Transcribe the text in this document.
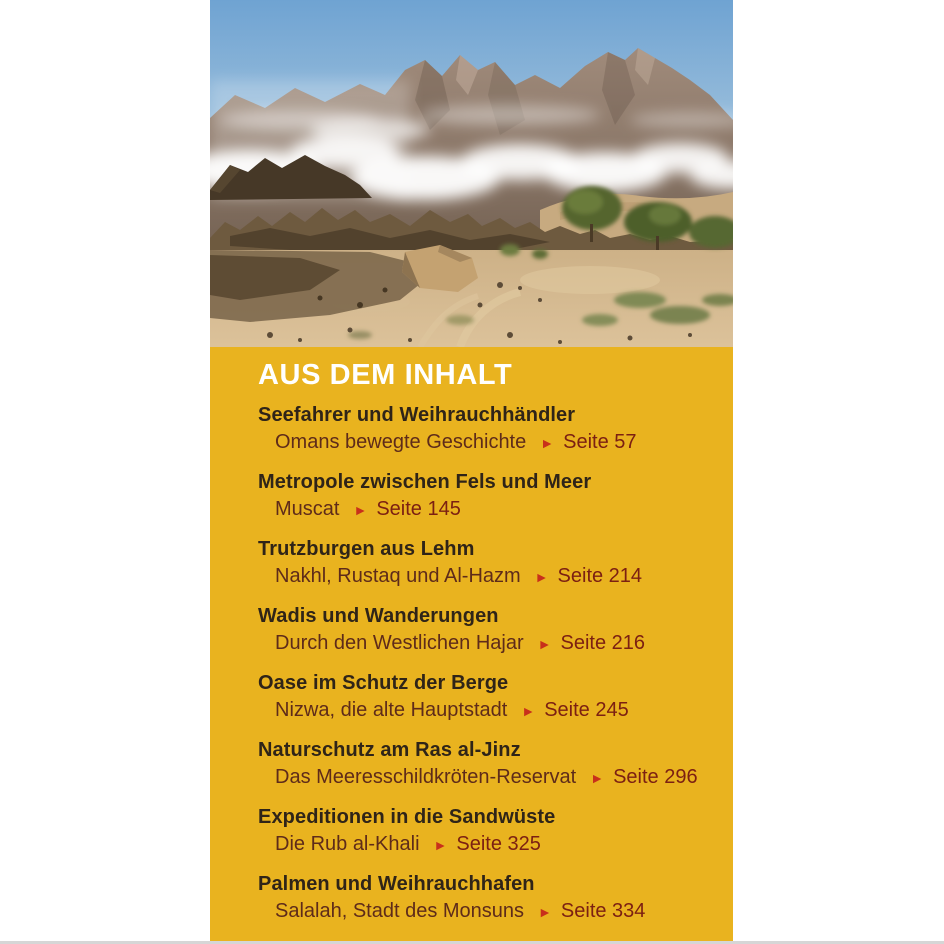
AUS DEM INHALT
Seefahrer und Weihrauchhändler
Omans bewegte Geschichte ► Seite 57
Metropole zwischen Fels und Meer
Muscat ► Seite 145
Trutzburgen aus Lehm
Nakhl, Rustaq und Al-Hazm ► Seite 214
Wadis und Wanderungen
Durch den Westlichen Hajar ► Seite 216
Oase im Schutz der Berge
Nizwa, die alte Hauptstadt ► Seite 245
Naturschutz am Ras al-Jinz
Das Meeresschildkröten-Reservat ► Seite 296
Expeditionen in die Sandwüste
Die Rub al-Khali ► Seite 325
Palmen und Weihrauchhafen
Salalah, Stadt des Monsuns ► Seite 334
